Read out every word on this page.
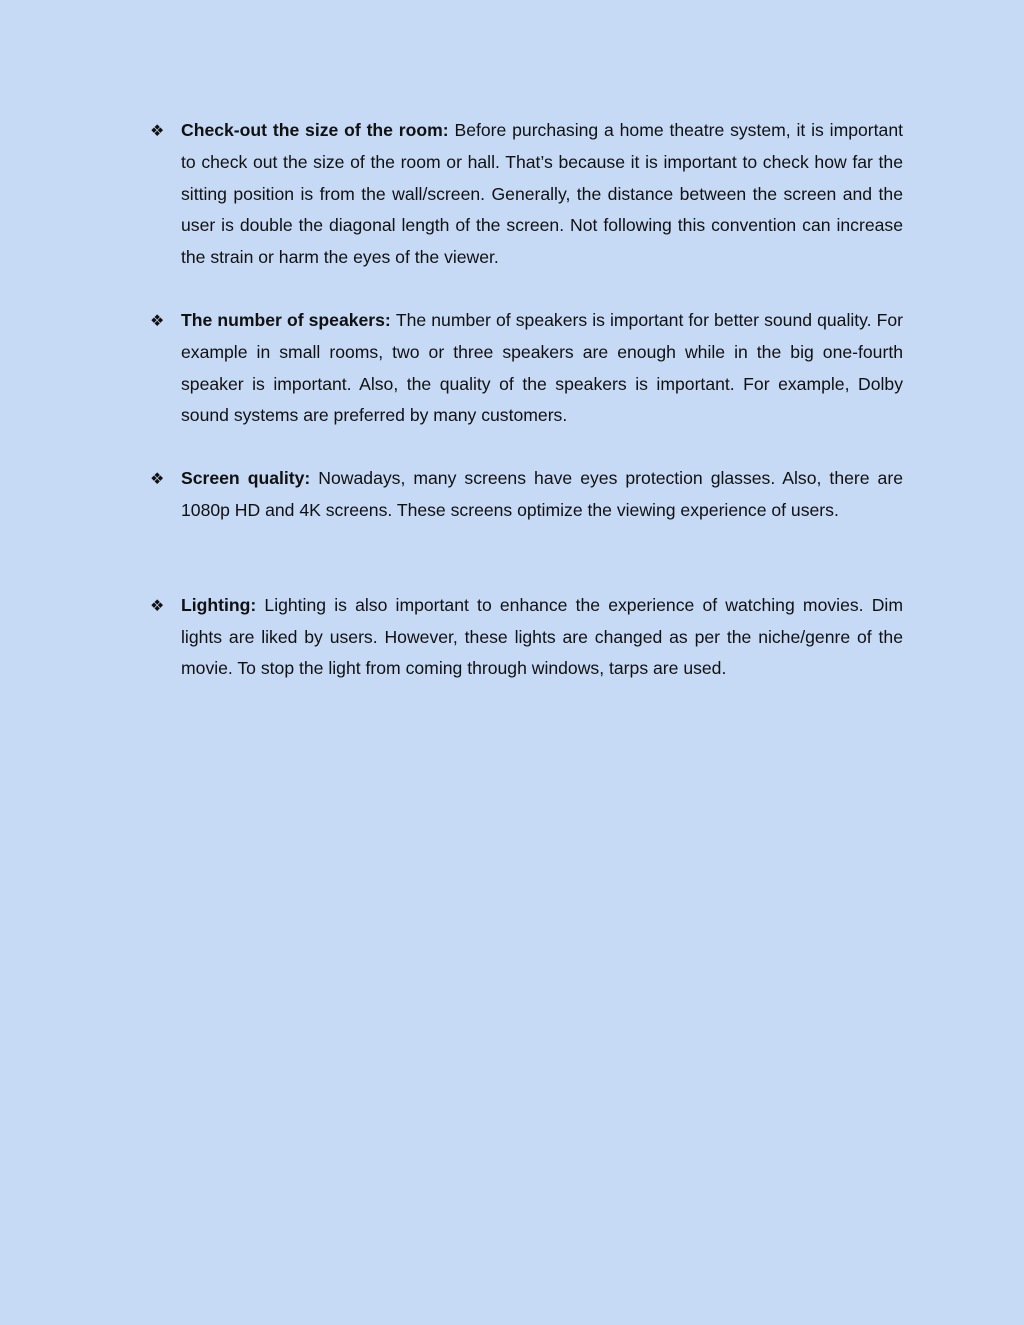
❖ Check-out the size of the room: Before purchasing a home theatre system, it is important to check out the size of the room or hall. That’s because it is important to check how far the sitting position is from the wall/screen. Generally, the distance between the screen and the user is double the diagonal length of the screen. Not following this convention can increase the strain or harm the eyes of the viewer.
❖ The number of speakers: The number of speakers is important for better sound quality. For example in small rooms, two or three speakers are enough while in the big one-fourth speaker is important. Also, the quality of the speakers is important. For example, Dolby sound systems are preferred by many customers.
❖ Screen quality: Nowadays, many screens have eyes protection glasses. Also, there are 1080p HD and 4K screens. These screens optimize the viewing experience of users.
❖ Lighting: Lighting is also important to enhance the experience of watching movies. Dim lights are liked by users. However, these lights are changed as per the niche/genre of the movie. To stop the light from coming through windows, tarps are used.
